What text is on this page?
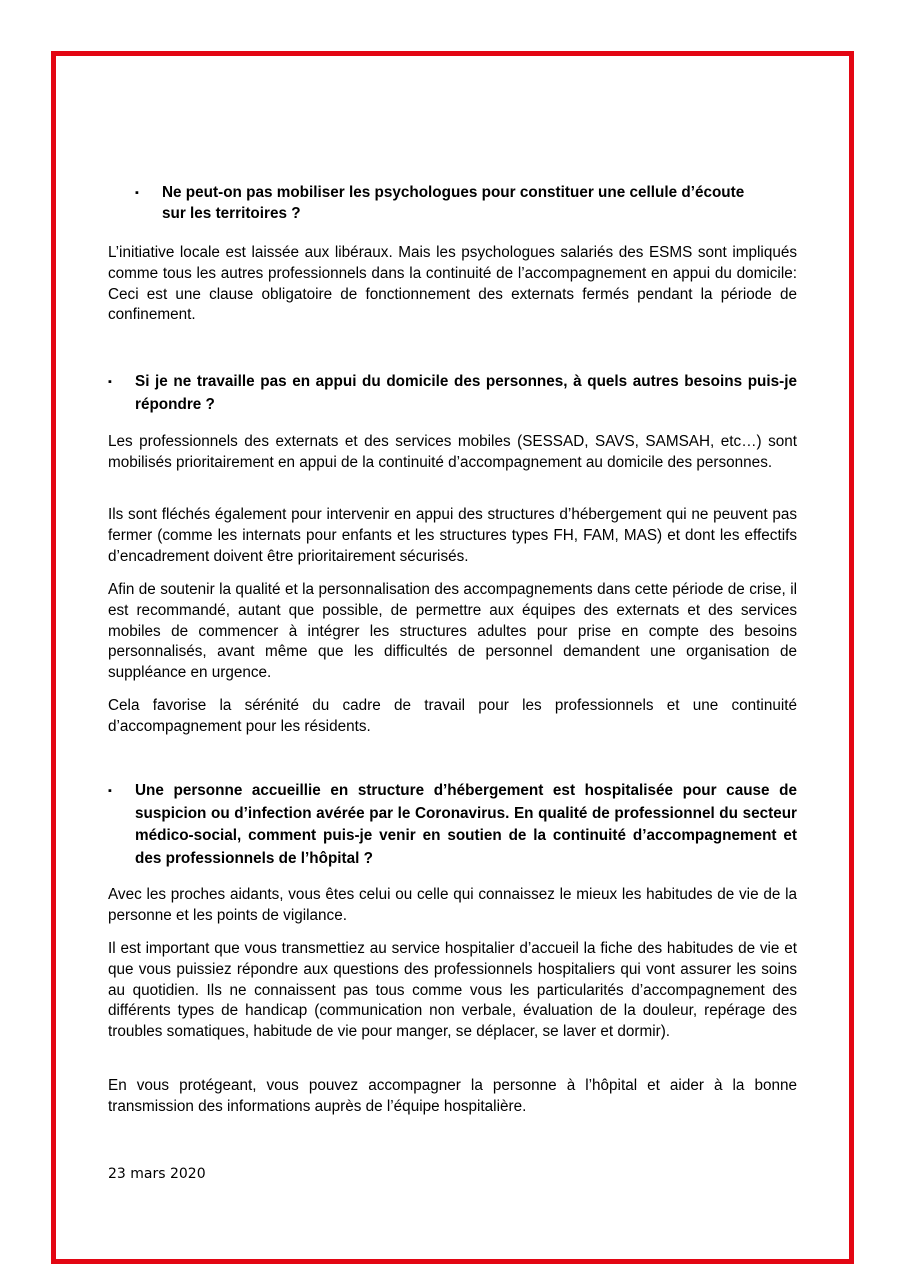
▪ Ne peut-on pas mobiliser les psychologues pour constituer une cellule d’écoute sur les territoires ?

L’initiative locale est laissée aux libéraux. Mais les psychologues salariés des ESMS sont impliqués comme tous les autres professionnels dans la continuité de l’accompagnement en appui du domicile: Ceci est une clause obligatoire de fonctionnement des externats fermés pendant la période de confinement.

▪ Si je ne travaille pas en appui du domicile des personnes, à quels autres besoins puis-je répondre ?

Les professionnels des externats et des services mobiles (SESSAD, SAVS, SAMSAH, etc…) sont mobilisés prioritairement en appui de la continuité d’accompagnement au domicile des personnes.

Ils sont fléchés également pour intervenir en appui des structures d’hébergement qui ne peuvent pas fermer (comme les internats pour enfants et les structures types FH, FAM, MAS) et dont les effectifs d’encadrement doivent être prioritairement sécurisés.

Afin de soutenir la qualité et la personnalisation des accompagnements dans cette période de crise, il est recommandé, autant que possible, de permettre aux équipes des externats et des services mobiles de commencer à intégrer les structures adultes pour prise en compte des besoins personnalisés, avant même que les difficultés de personnel demandent une organisation de suppléance en urgence.

Cela favorise la sérénité du cadre de travail pour les professionnels et une continuité d’accompagnement pour les résidents.

▪ Une personne accueillie en structure d’hébergement est hospitalisée pour cause de suspicion ou d’infection avérée par le Coronavirus. En qualité de professionnel du secteur médico-social, comment puis-je venir en soutien de la continuité d’accompagnement et des professionnels de l’hôpital ?

Avec les proches aidants, vous êtes celui ou celle qui connaissez le mieux les habitudes de vie de la personne et les points de vigilance.

Il est important que vous transmettiez au service hospitalier d’accueil la fiche des habitudes de vie et que vous puissiez répondre aux questions des professionnels hospitaliers qui vont assurer les soins au quotidien. Ils ne connaissent pas tous comme vous les particularités d’accompagnement des différents types de handicap (communication non verbale, évaluation de la douleur, repérage des troubles somatiques, habitude de vie pour manger, se déplacer, se laver et dormir).

En vous protégeant, vous pouvez accompagner la personne à l’hôpital et aider à la bonne transmission des informations auprès de l’équipe hospitalière.

23 mars 2020
